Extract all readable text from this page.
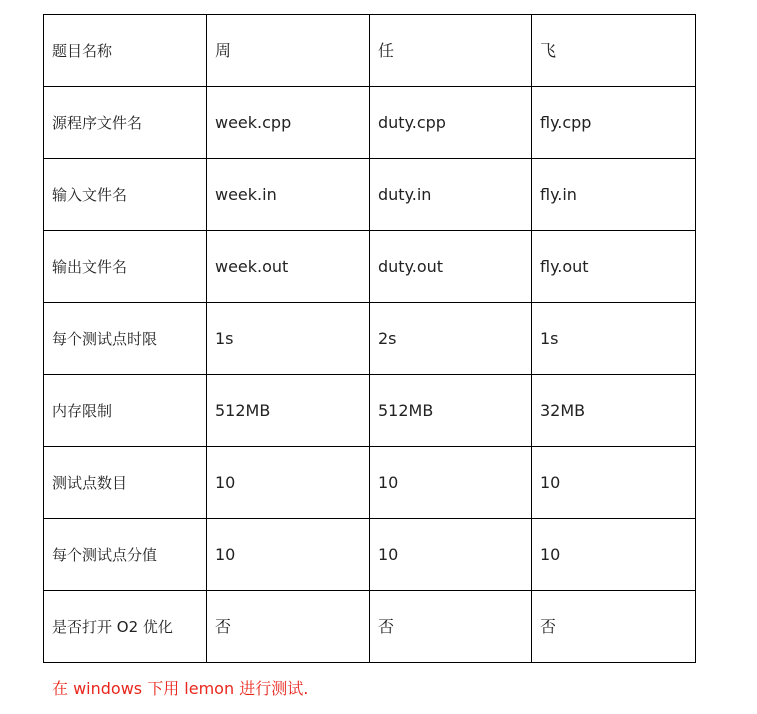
题目名称	周	任	飞
源程序文件名	week.cpp	duty.cpp	fly.cpp
输入文件名	week.in	duty.in	fly.in
输出文件名	week.out	duty.out	fly.out
每个测试点时限	1s	2s	1s
内存限制	512MB	512MB	32MB
测试点数目	10	10	10
每个测试点分值	10	10	10
是否打开 O2 优化	否	否	否
在 windows 下用 lemon 进行测试.
